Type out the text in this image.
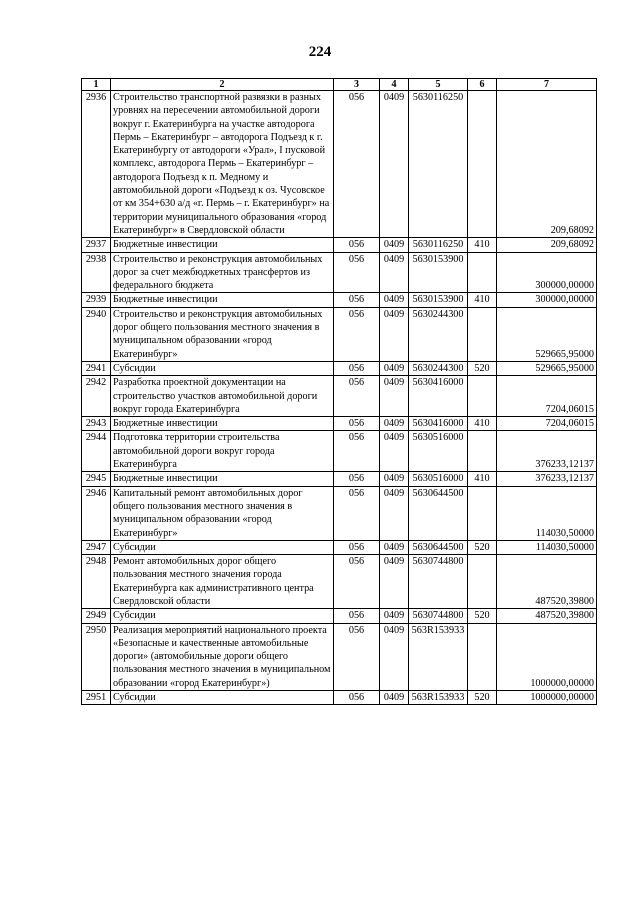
224
1	2	3	4	5	6	7
2936	Строительство транспортной развязки в разных уровнях на пересечении автомобильной дороги вокруг г. Екатеринбурга на участке автодорога Пермь – Екатеринбург – автодорога Подъезд к г. Екатеринбургу от автодороги «Урал», I пусковой комплекс, автодорога Пермь – Екатеринбург – автодорога Подъезд к п. Медному и автомобильной дороги «Подъезд к оз. Чусовское от км 354+630 а/д «г. Пермь – г. Екатеринбург» на территории муниципального образования «город Екатеринбург» в Свердловской области	056	0409	5630116250		209,68092
2937	Бюджетные инвестиции	056	0409	5630116250	410	209,68092
2938	Строительство и реконструкция автомобильных дорог за счет межбюджетных трансфертов из федерального бюджета	056	0409	5630153900		300000,00000
2939	Бюджетные инвестиции	056	0409	5630153900	410	300000,00000
2940	Строительство и реконструкция автомобильных дорог общего пользования местного значения в муниципальном образовании «город Екатеринбург»	056	0409	5630244300		529665,95000
2941	Субсидии	056	0409	5630244300	520	529665,95000
2942	Разработка проектной документации на строительство участков автомобильной дороги вокруг города Екатеринбурга	056	0409	5630416000		7204,06015
2943	Бюджетные инвестиции	056	0409	5630416000	410	7204,06015
2944	Подготовка территории строительства автомобильной дороги вокруг города Екатеринбурга	056	0409	5630516000		376233,12137
2945	Бюджетные инвестиции	056	0409	5630516000	410	376233,12137
2946	Капитальный ремонт автомобильных дорог общего пользования местного значения в муниципальном образовании «город Екатеринбург»	056	0409	5630644500		114030,50000
2947	Субсидии	056	0409	5630644500	520	114030,50000
2948	Ремонт автомобильных дорог общего пользования местного значения города Екатеринбурга как административного центра Свердловской области	056	0409	5630744800		487520,39800
2949	Субсидии	056	0409	5630744800	520	487520,39800
2950	Реализация мероприятий национального проекта «Безопасные и качественные автомобильные дороги» (автомобильные дороги общего пользования местного значения в муниципальном образовании «город Екатеринбург»)	056	0409	563R153933		1000000,00000
2951	Субсидии	056	0409	563R153933	520	1000000,00000
